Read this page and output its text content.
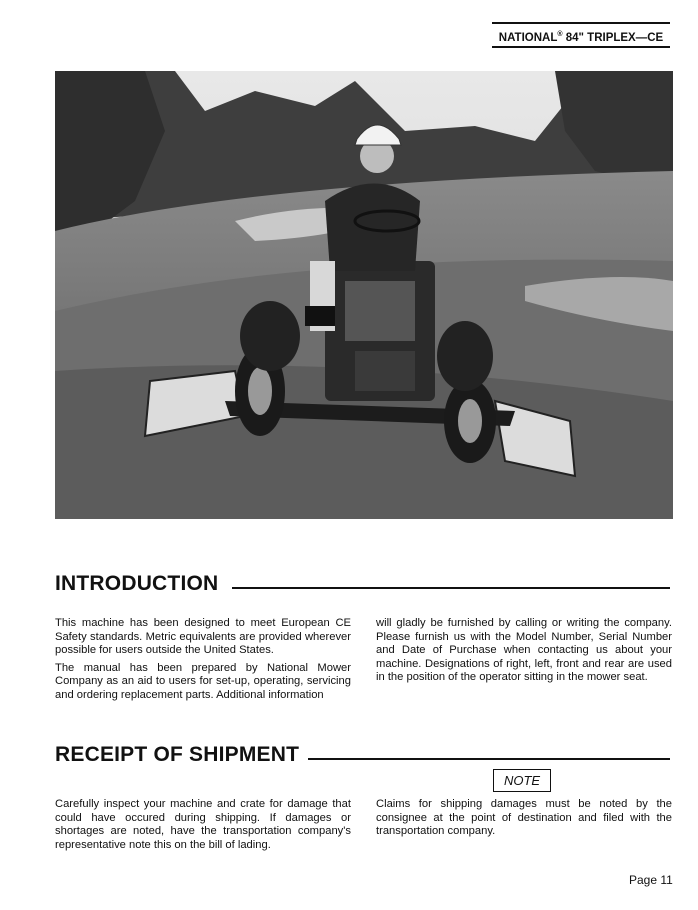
NATIONAL® 84" TRIPLEX—CE
INTRODUCTION

This machine has been designed to meet European CE Safety standards. Metric equivalents are provided wherever possible for users outside the United States.

The manual has been prepared by National Mower Company as an aid to users for set-up, operating, servicing and ordering replacement parts. Additional information

will gladly be furnished by calling or writing the company. Please furnish us with the Model Number, Serial Number and Date of Purchase when contacting us about your machine. Designations of right, left, front and rear are used in the position of the operator sitting in the mower seat.

RECEIPT OF SHIPMENT
NOTE

Carefully inspect your machine and crate for damage that could have occured during shipping. If damages or shortages are noted, have the transportation company's representative note this on the bill of lading.

Claims for shipping damages must be noted by the consignee at the point of destination and filed with the transportation company.

Page 11
